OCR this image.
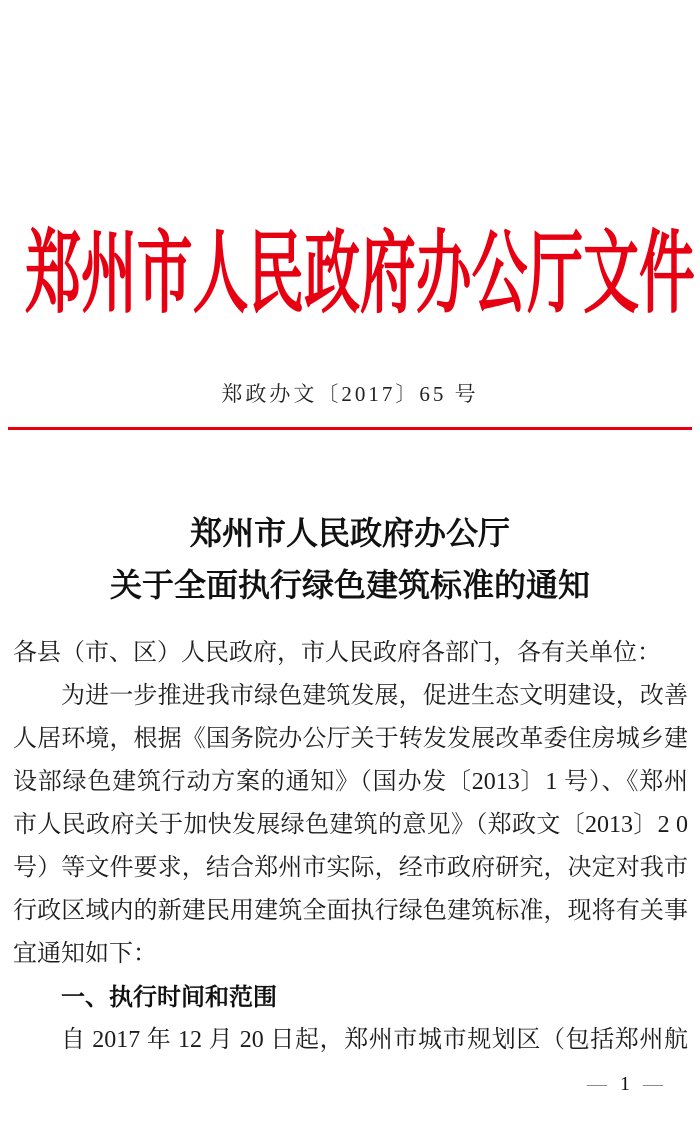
郑州市人民政府办公厅文件
郑政办文〔2017〕65 号
郑州市人民政府办公厅
关于全面执行绿色建筑标准的通知
各县（市、区）人民政府，市人民政府各部门，各有关单位：
为进一步推进我市绿色建筑发展，促进生态文明建设，改善
人居环境，根据《国务院办公厅关于转发发展改革委住房城乡建
设部绿色建筑行动方案的通知》（国办发〔2013〕1 号）、《郑州
市人民政府关于加快发展绿色建筑的意见》（郑政文〔2013〕2 0
号）等文件要求，结合郑州市实际，经市政府研究，决定对我市
行政区域内的新建民用建筑全面执行绿色建筑标准，现将有关事
宜通知如下：
一、执行时间和范围
自 2017 年 12 月 20 日起，郑州市城市规划区（包括郑州航
— 1 —
